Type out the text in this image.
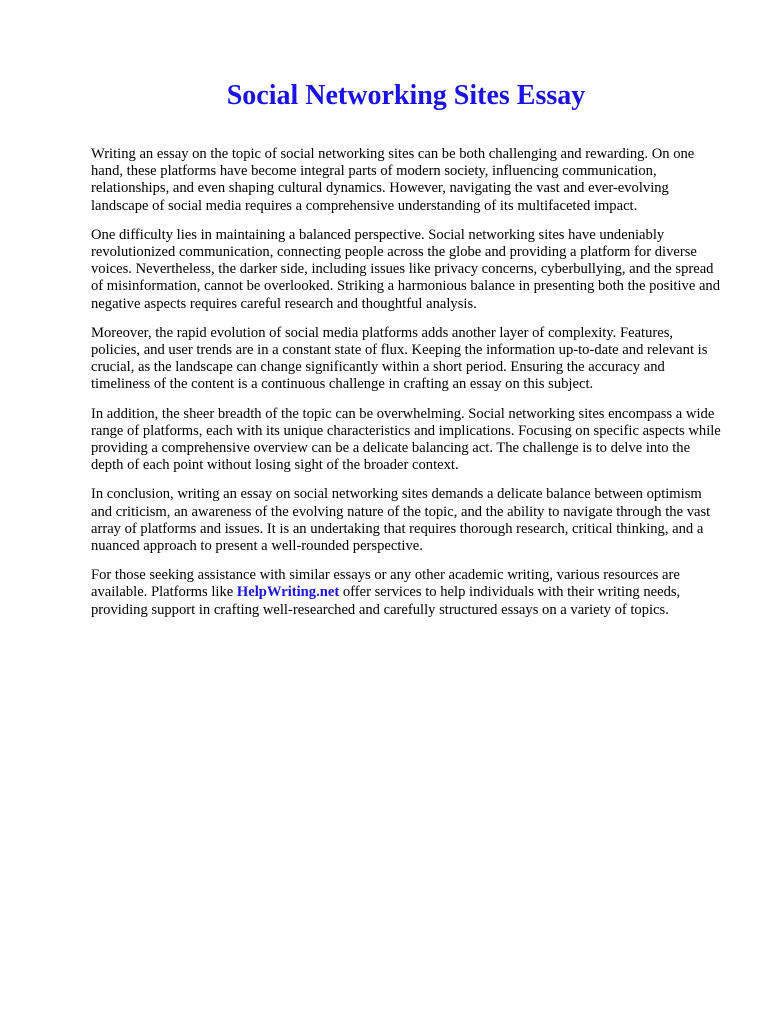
Social Networking Sites Essay

Writing an essay on the topic of social networking sites can be both challenging and rewarding. On one hand, these platforms have become integral parts of modern society, influencing communication, relationships, and even shaping cultural dynamics. However, navigating the vast and ever-evolving landscape of social media requires a comprehensive understanding of its multifaceted impact.

One difficulty lies in maintaining a balanced perspective. Social networking sites have undeniably revolutionized communication, connecting people across the globe and providing a platform for diverse voices. Nevertheless, the darker side, including issues like privacy concerns, cyberbullying, and the spread of misinformation, cannot be overlooked. Striking a harmonious balance in presenting both the positive and negative aspects requires careful research and thoughtful analysis.

Moreover, the rapid evolution of social media platforms adds another layer of complexity. Features, policies, and user trends are in a constant state of flux. Keeping the information up-to-date and relevant is crucial, as the landscape can change significantly within a short period. Ensuring the accuracy and timeliness of the content is a continuous challenge in crafting an essay on this subject.

In addition, the sheer breadth of the topic can be overwhelming. Social networking sites encompass a wide range of platforms, each with its unique characteristics and implications. Focusing on specific aspects while providing a comprehensive overview can be a delicate balancing act. The challenge is to delve into the depth of each point without losing sight of the broader context.

In conclusion, writing an essay on social networking sites demands a delicate balance between optimism and criticism, an awareness of the evolving nature of the topic, and the ability to navigate through the vast array of platforms and issues. It is an undertaking that requires thorough research, critical thinking, and a nuanced approach to present a well-rounded perspective.

For those seeking assistance with similar essays or any other academic writing, various resources are available. Platforms like HelpWriting.net offer services to help individuals with their writing needs, providing support in crafting well-researched and carefully structured essays on a variety of topics.
